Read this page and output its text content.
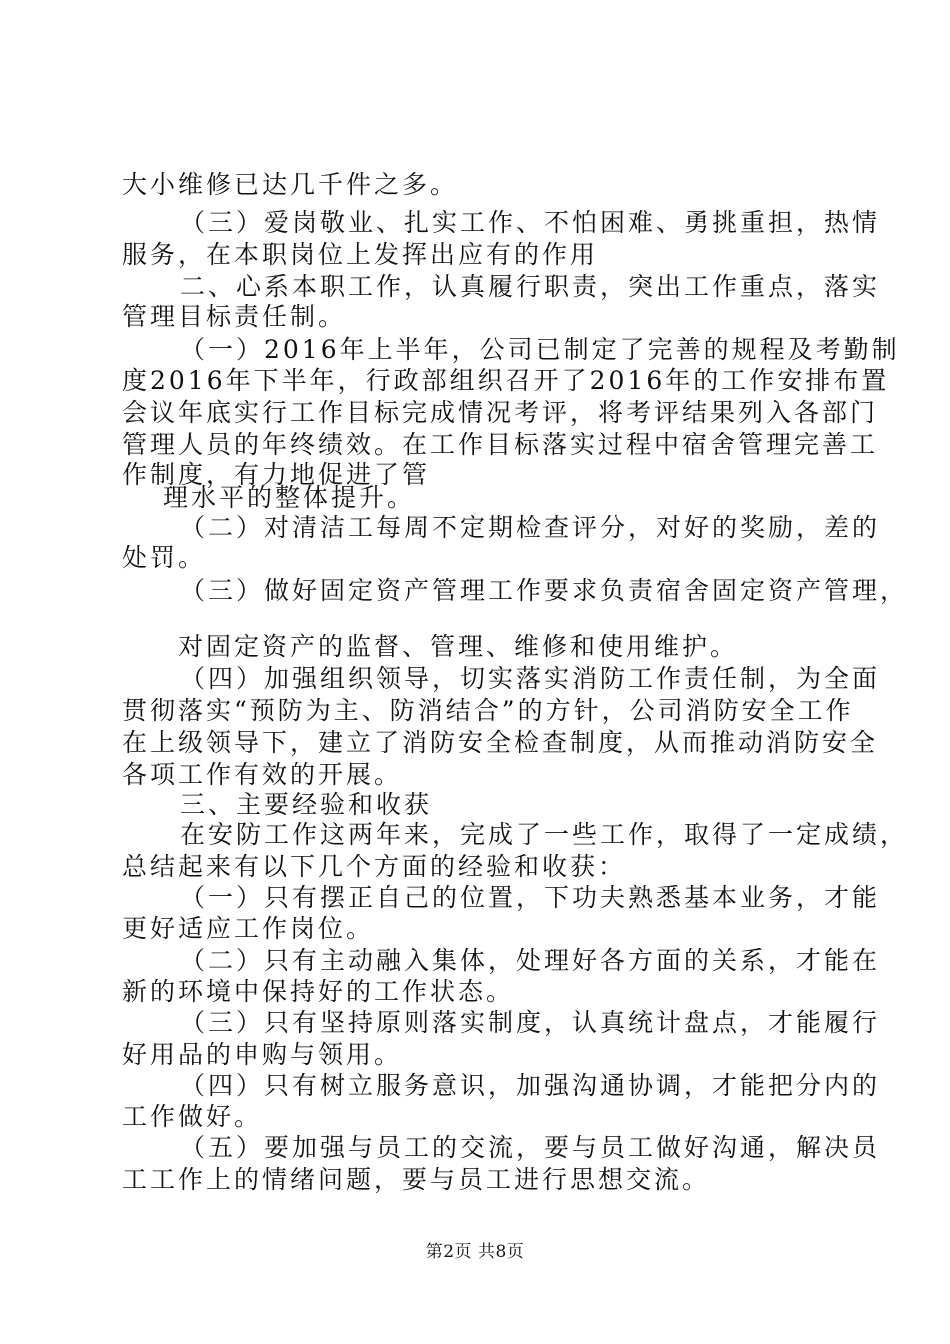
大小维修已达几千件之多。

（三）爱岗敬业、扎实工作、不怕困难、勇挑重担，热情

服务，在本职岗位上发挥出应有的作用

二、心系本职工作，认真履行职责，突出工作重点，落实

管理目标责任制。

（一）2016年上半年，公司已制定了完善的规程及考勤制

度2016年下半年，行政部组织召开了2016年的工作安排布置

会议年底实行工作目标完成情况考评，将考评结果列入各部门

管理人员的年终绩效。在工作目标落实过程中宿舍管理完善工

作制度，有力地促进了管

理水平的整体提升。

（二）对清洁工每周不定期检查评分，对好的奖励，差的

处罚。

（三）做好固定资产管理工作要求负责宿舍固定资产管理，

对固定资产的监督、管理、维修和使用维护。

（四）加强组织领导，切实落实消防工作责任制，为全面

贯彻落实“预防为主、防消结合”的方针，公司消防安全工作

在上级领导下，建立了消防安全检查制度，从而推动消防安全

各项工作有效的开展。

三、主要经验和收获

在安防工作这两年来，完成了一些工作，取得了一定成绩，

总结起来有以下几个方面的经验和收获：

（一）只有摆正自己的位置，下功夫熟悉基本业务，才能

更好适应工作岗位。

（二）只有主动融入集体，处理好各方面的关系，才能在

新的环境中保持好的工作状态。

（三）只有坚持原则落实制度，认真统计盘点，才能履行

好用品的申购与领用。

（四）只有树立服务意识，加强沟通协调，才能把分内的

工作做好。

（五）要加强与员工的交流，要与员工做好沟通，解决员

工工作上的情绪问题，要与员工进行思想交流。

第2页 共8页
